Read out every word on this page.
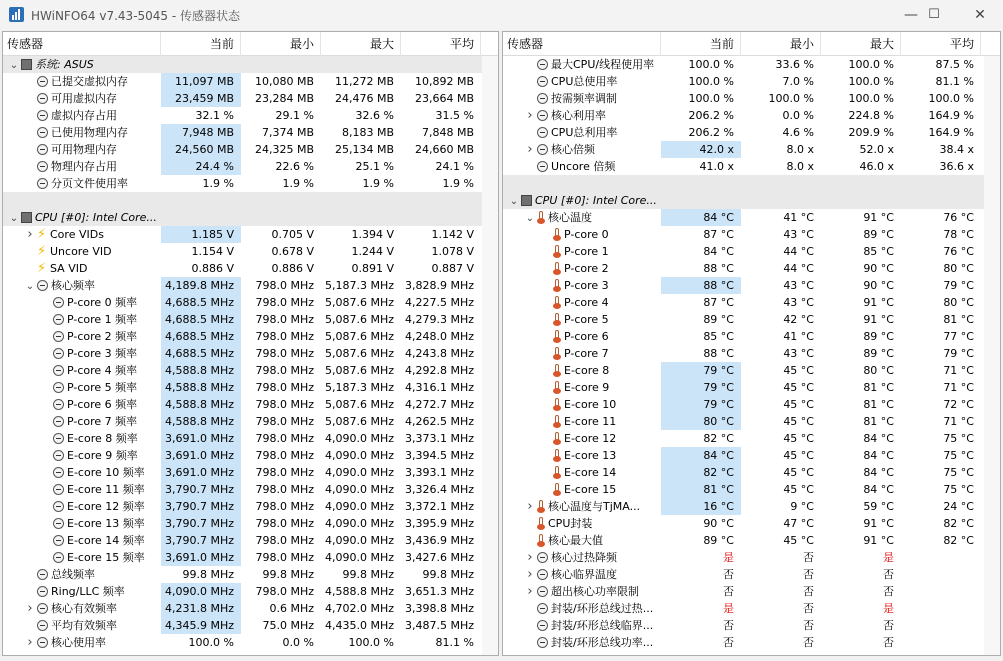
HWiNFO64 v7.43-5045 - 传感器状态	— ☐	✕
传感器	当前	最小	最大	平均
⌄ 系统: ASUS
已提交虚拟内存	11,097 MB	10,080 MB	11,272 MB	10,892 MB
可用虚拟内存	23,459 MB	23,284 MB	24,476 MB	23,664 MB
虚拟内存占用	32.1 %	29.1 %	32.6 %	31.5 %
已使用物理内存	7,948 MB	7,374 MB	8,183 MB	7,848 MB
可用物理内存	24,560 MB	24,325 MB	25,134 MB	24,660 MB
物理内存占用	24.4 %	22.6 %	25.1 %	24.1 %
分页文件使用率	1.9 %	1.9 %	1.9 %	1.9 %
⌄ CPU [#0]: Intel Core...
› ⚡ Core VIDs	1.185 V	0.705 V	1.394 V	1.142 V
⚡ Uncore VID	1.154 V	0.678 V	1.244 V	1.078 V
⚡ SA VID	0.886 V	0.886 V	0.891 V	0.887 V
⌄ 核心频率	4,189.8 MHz	798.0 MHz 5,187.3 MHz 3,828.9 MHz
P-core 0 频率	4,688.5 MHz	798.0 MHz 5,087.6 MHz 4,227.5 MHz
P-core 1 频率	4,688.5 MHz	798.0 MHz 5,087.6 MHz 4,279.3 MHz
P-core 2 频率	4,688.5 MHz	798.0 MHz 5,087.6 MHz 4,248.0 MHz
P-core 3 频率	4,688.5 MHz	798.0 MHz 5,087.6 MHz 4,243.8 MHz
P-core 4 频率	4,588.8 MHz	798.0 MHz 5,087.6 MHz 4,292.8 MHz
P-core 5 频率	4,588.8 MHz	798.0 MHz 5,187.3 MHz 4,316.1 MHz
P-core 6 频率	4,588.8 MHz	798.0 MHz 5,087.6 MHz 4,272.7 MHz
P-core 7 频率	4,588.8 MHz	798.0 MHz 5,087.6 MHz 4,262.5 MHz
E-core 8 频率	3,691.0 MHz	798.0 MHz 4,090.0 MHz 3,373.1 MHz
E-core 9 频率	3,691.0 MHz	798.0 MHz 4,090.0 MHz 3,394.5 MHz
E-core 10 频率	3,691.0 MHz	798.0 MHz 4,090.0 MHz 3,393.1 MHz
E-core 11 频率	3,790.7 MHz	798.0 MHz 4,090.0 MHz 3,326.4 MHz
E-core 12 频率	3,790.7 MHz	798.0 MHz 4,090.0 MHz 3,372.1 MHz
E-core 13 频率	3,790.7 MHz	798.0 MHz 4,090.0 MHz 3,395.9 MHz
E-core 14 频率	3,790.7 MHz	798.0 MHz 4,090.0 MHz 3,436.9 MHz
E-core 15 频率	3,691.0 MHz	798.0 MHz 4,090.0 MHz 3,427.6 MHz
总线频率	99.8 MHz	99.8 MHz	99.8 MHz	99.8 MHz
Ring/LLC 频率	4,090.0 MHz	798.0 MHz 4,588.8 MHz 3,651.3 MHz
› 核心有效频率	4,231.8 MHz	0.6 MHz 4,702.0 MHz 3,398.8 MHz
平均有效频率	4,345.9 MHz	75.0 MHz 4,435.0 MHz 3,487.5 MHz
› 核心使用率	100.0 %	0.0 %	100.0 %	81.1 %
传感器	当前	最小	最大	平均
最大CPU/线程使用率	100.0 %	33.6 %	100.0 %	87.5 %
CPU总使用率	100.0 %	7.0 %	100.0 %	81.1 %
按需频率调制	100.0 %	100.0 %	100.0 %	100.0 %
› 核心利用率	206.2 %	0.0 %	224.8 %	164.9 %
CPU总利用率	206.2 %	4.6 %	209.9 %	164.9 %
› 核心倍频	42.0 x	8.0 x	52.0 x	38.4 x
Uncore 倍频	41.0 x	8.0 x	46.0 x	36.6 x
⌄ CPU [#0]: Intel Core...
⌄ 核心温度	84 °C	41 °C	91 °C	76 °C
P-core 0	87 °C	43 °C	89 °C	78 °C
P-core 1	84 °C	44 °C	85 °C	76 °C
P-core 2	88 °C	44 °C	90 °C	80 °C
P-core 3	88 °C	43 °C	90 °C	79 °C
P-core 4	87 °C	43 °C	91 °C	80 °C
P-core 5	89 °C	42 °C	91 °C	81 °C
P-core 6	85 °C	41 °C	89 °C	77 °C
P-core 7	88 °C	43 °C	89 °C	79 °C
E-core 8	79 °C	45 °C	80 °C	71 °C
E-core 9	79 °C	45 °C	81 °C	71 °C
E-core 10	79 °C	45 °C	81 °C	72 °C
E-core 11	80 °C	45 °C	81 °C	71 °C
E-core 12	82 °C	45 °C	84 °C	75 °C
E-core 13	84 °C	45 °C	84 °C	75 °C
E-core 14	82 °C	45 °C	84 °C	75 °C
E-core 15	81 °C	45 °C	84 °C	75 °C
› 核心温度与TjMA...	16 °C	9 °C	59 °C	24 °C
CPU封装	90 °C	47 °C	91 °C	82 °C
核心最大值	89 °C	45 °C	91 °C	82 °C
› 核心过热降频	是	否	是
› 核心临界温度	否	否	否
› 超出核心功率限制	否	否	否
封装/环形总线过热...	是	否	是
封装/环形总线临界...	否	否	否
封装/环形总线功率...	否	否	否
